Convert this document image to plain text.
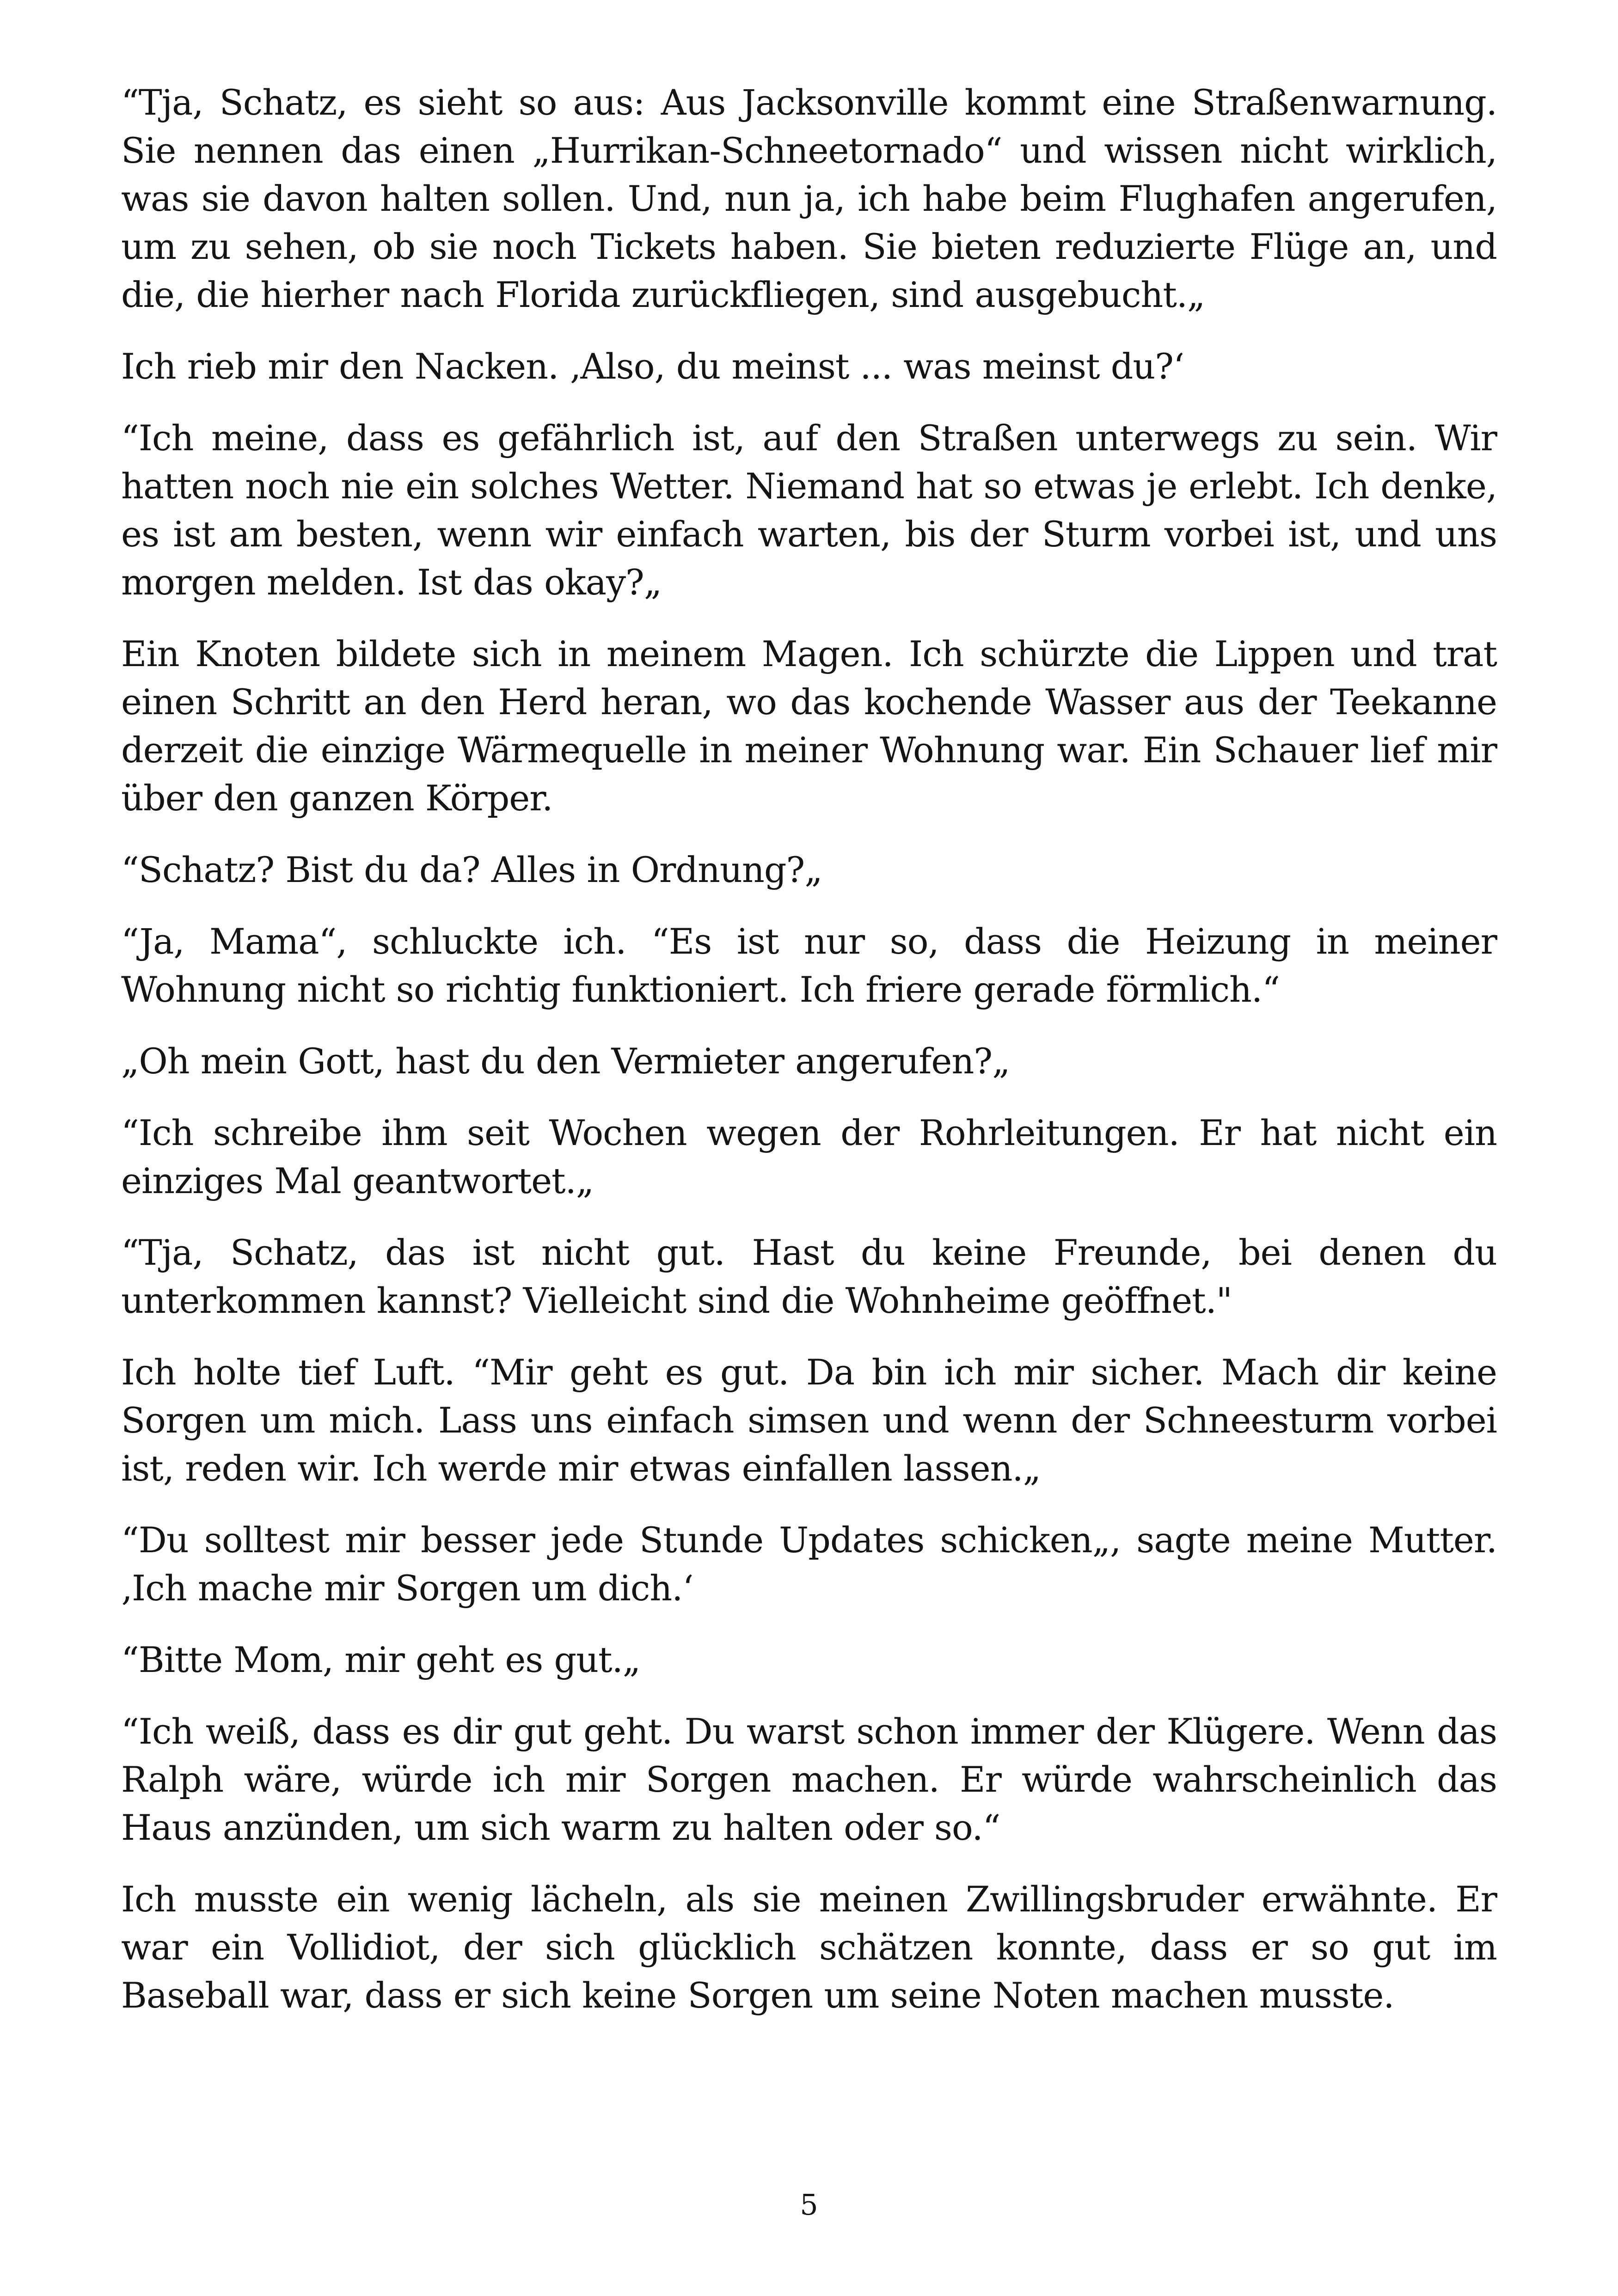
“Tja, Schatz, es sieht so aus: Aus Jacksonville kommt eine Straßenwarnung. Sie nennen das einen „Hurrikan-Schneetornado“ und wissen nicht wirklich, was sie davon halten sollen. Und, nun ja, ich habe beim Flughafen angerufen, um zu sehen, ob sie noch Tickets haben. Sie bieten reduzierte Flüge an, und die, die hierher nach Florida zurückfliegen, sind ausgebucht.„

Ich rieb mir den Nacken. ‚Also, du meinst ... was meinst du?‘

“Ich meine, dass es gefährlich ist, auf den Straßen unterwegs zu sein. Wir hatten noch nie ein solches Wetter. Niemand hat so etwas je erlebt. Ich denke, es ist am besten, wenn wir einfach warten, bis der Sturm vorbei ist, und uns morgen melden. Ist das okay?„

Ein Knoten bildete sich in meinem Magen. Ich schürzte die Lippen und trat einen Schritt an den Herd heran, wo das kochende Wasser aus der Teekanne derzeit die einzige Wärmequelle in meiner Wohnung war. Ein Schauer lief mir über den ganzen Körper.

“Schatz? Bist du da? Alles in Ordnung?„

“Ja, Mama“, schluckte ich. “Es ist nur so, dass die Heizung in meiner Wohnung nicht so richtig funktioniert. Ich friere gerade förmlich.“

„Oh mein Gott, hast du den Vermieter angerufen?„

“Ich schreibe ihm seit Wochen wegen der Rohrleitungen. Er hat nicht ein einziges Mal geantwortet.„

“Tja, Schatz, das ist nicht gut. Hast du keine Freunde, bei denen du unterkommen kannst? Vielleicht sind die Wohnheime geöffnet."

Ich holte tief Luft. “Mir geht es gut. Da bin ich mir sicher. Mach dir keine Sorgen um mich. Lass uns einfach simsen und wenn der Schneesturm vorbei ist, reden wir. Ich werde mir etwas einfallen lassen.„

“Du solltest mir besser jede Stunde Updates schicken„, sagte meine Mutter. ‚Ich mache mir Sorgen um dich.‘

“Bitte Mom, mir geht es gut.„

“Ich weiß, dass es dir gut geht. Du warst schon immer der Klügere. Wenn das Ralph wäre, würde ich mir Sorgen machen. Er würde wahrscheinlich das Haus anzünden, um sich warm zu halten oder so.“

Ich musste ein wenig lächeln, als sie meinen Zwillingsbruder erwähnte. Er war ein Vollidiot, der sich glücklich schätzen konnte, dass er so gut im Baseball war, dass er sich keine Sorgen um seine Noten machen musste.

5
